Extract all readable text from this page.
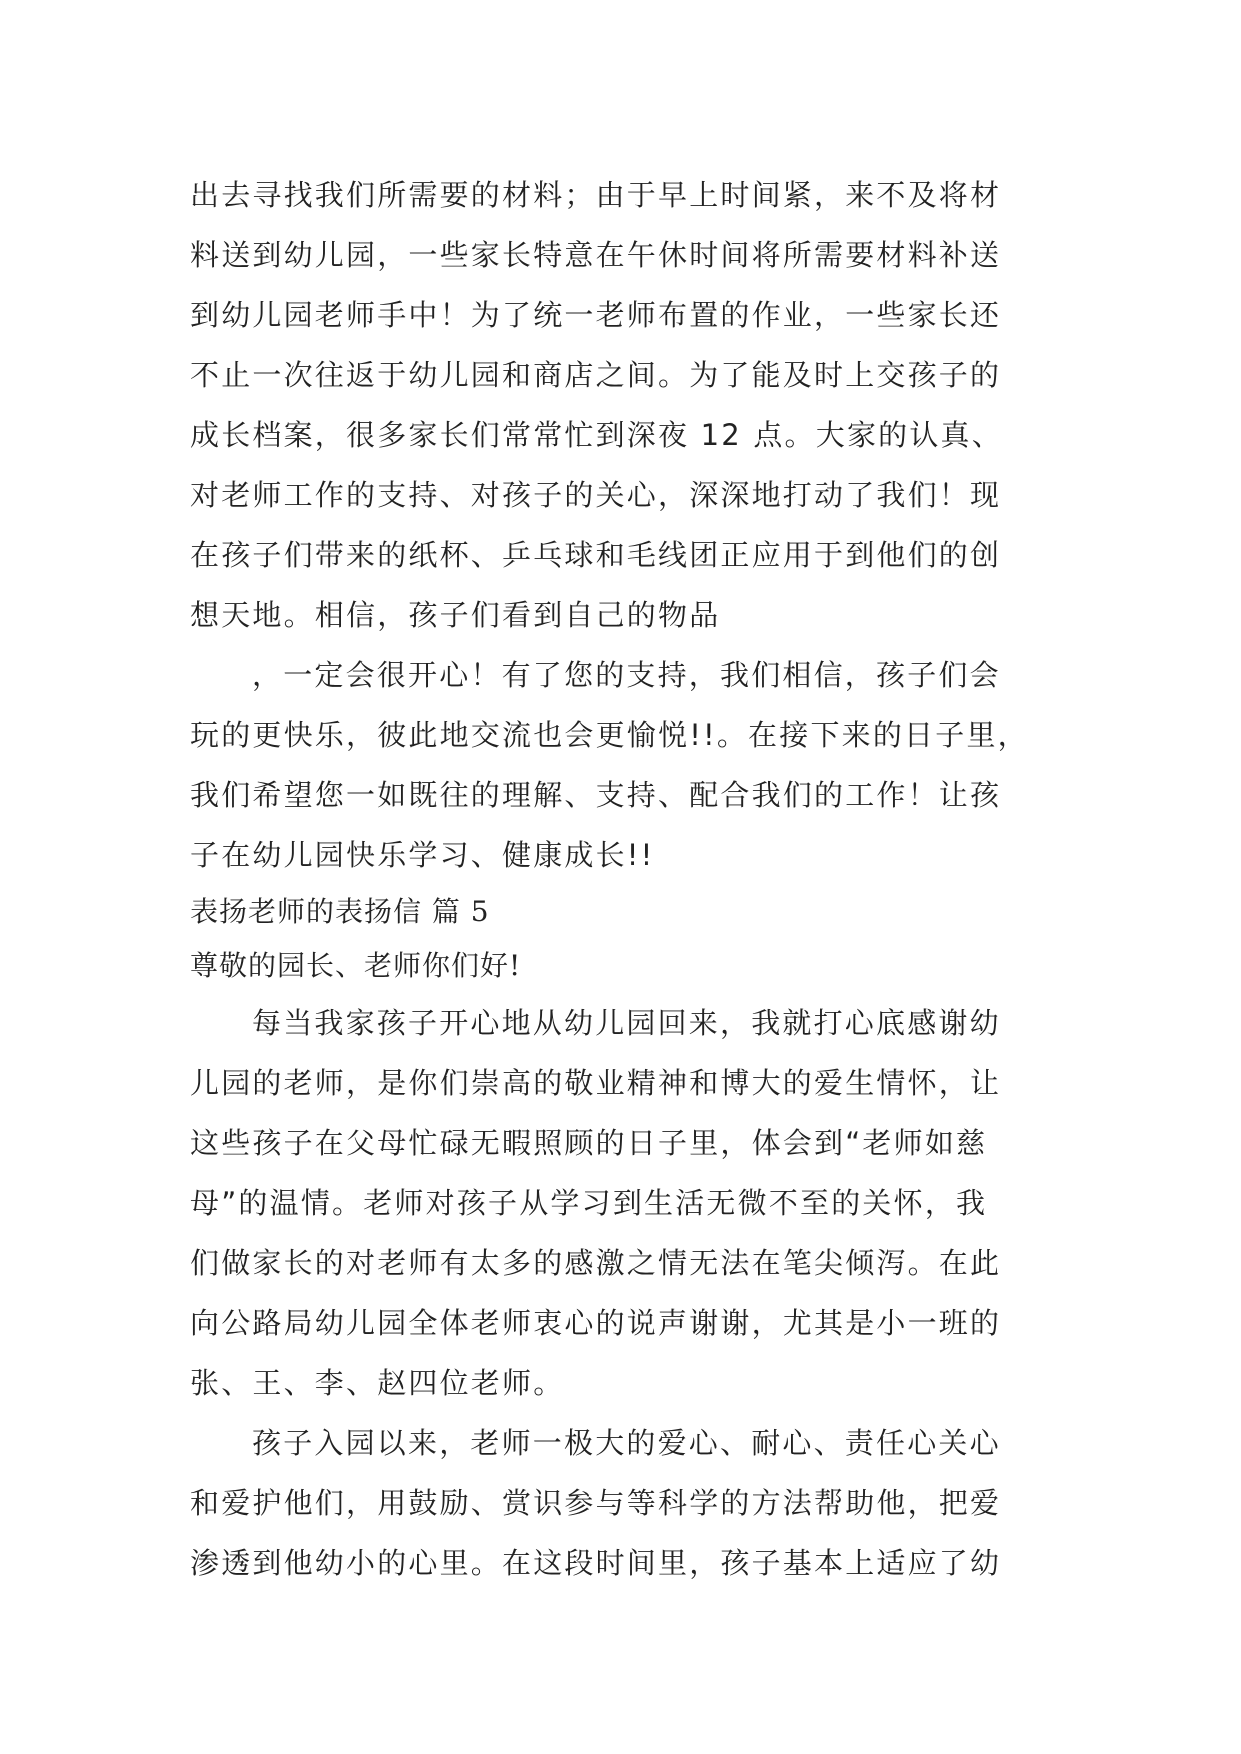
出去寻找我们所需要的材料；由于早上时间紧，来不及将材
料送到幼儿园，一些家长特意在午休时间将所需要材料补送
到幼儿园老师手中！为了统一老师布置的作业，一些家长还
不止一次往返于幼儿园和商店之间。为了能及时上交孩子的
成长档案，很多家长们常常忙到深夜 12 点。大家的认真、
对老师工作的支持、对孩子的关心，深深地打动了我们！现
在孩子们带来的纸杯、乒乓球和毛线团正应用于到他们的创
想天地。相信，孩子们看到自己的物品
，一定会很开心！有了您的支持，我们相信，孩子们会
玩的更快乐，彼此地交流也会更愉悦!!。在接下来的日子里，
我们希望您一如既往的理解、支持、配合我们的工作！让孩
子在幼儿园快乐学习、健康成长!!
表扬老师的表扬信 篇 5
尊敬的园长、老师你们好!
每当我家孩子开心地从幼儿园回来，我就打心底感谢幼
儿园的老师，是你们崇高的敬业精神和博大的爱生情怀，让
这些孩子在父母忙碌无暇照顾的日子里，体会到“老师如慈
母”的温情。老师对孩子从学习到生活无微不至的关怀，我
们做家长的对老师有太多的感激之情无法在笔尖倾泻。在此
向公路局幼儿园全体老师衷心的说声谢谢，尤其是小一班的
张、王、李、赵四位老师。
孩子入园以来，老师一极大的爱心、耐心、责任心关心
和爱护他们，用鼓励、赏识参与等科学的方法帮助他，把爱
渗透到他幼小的心里。在这段时间里，孩子基本上适应了幼
